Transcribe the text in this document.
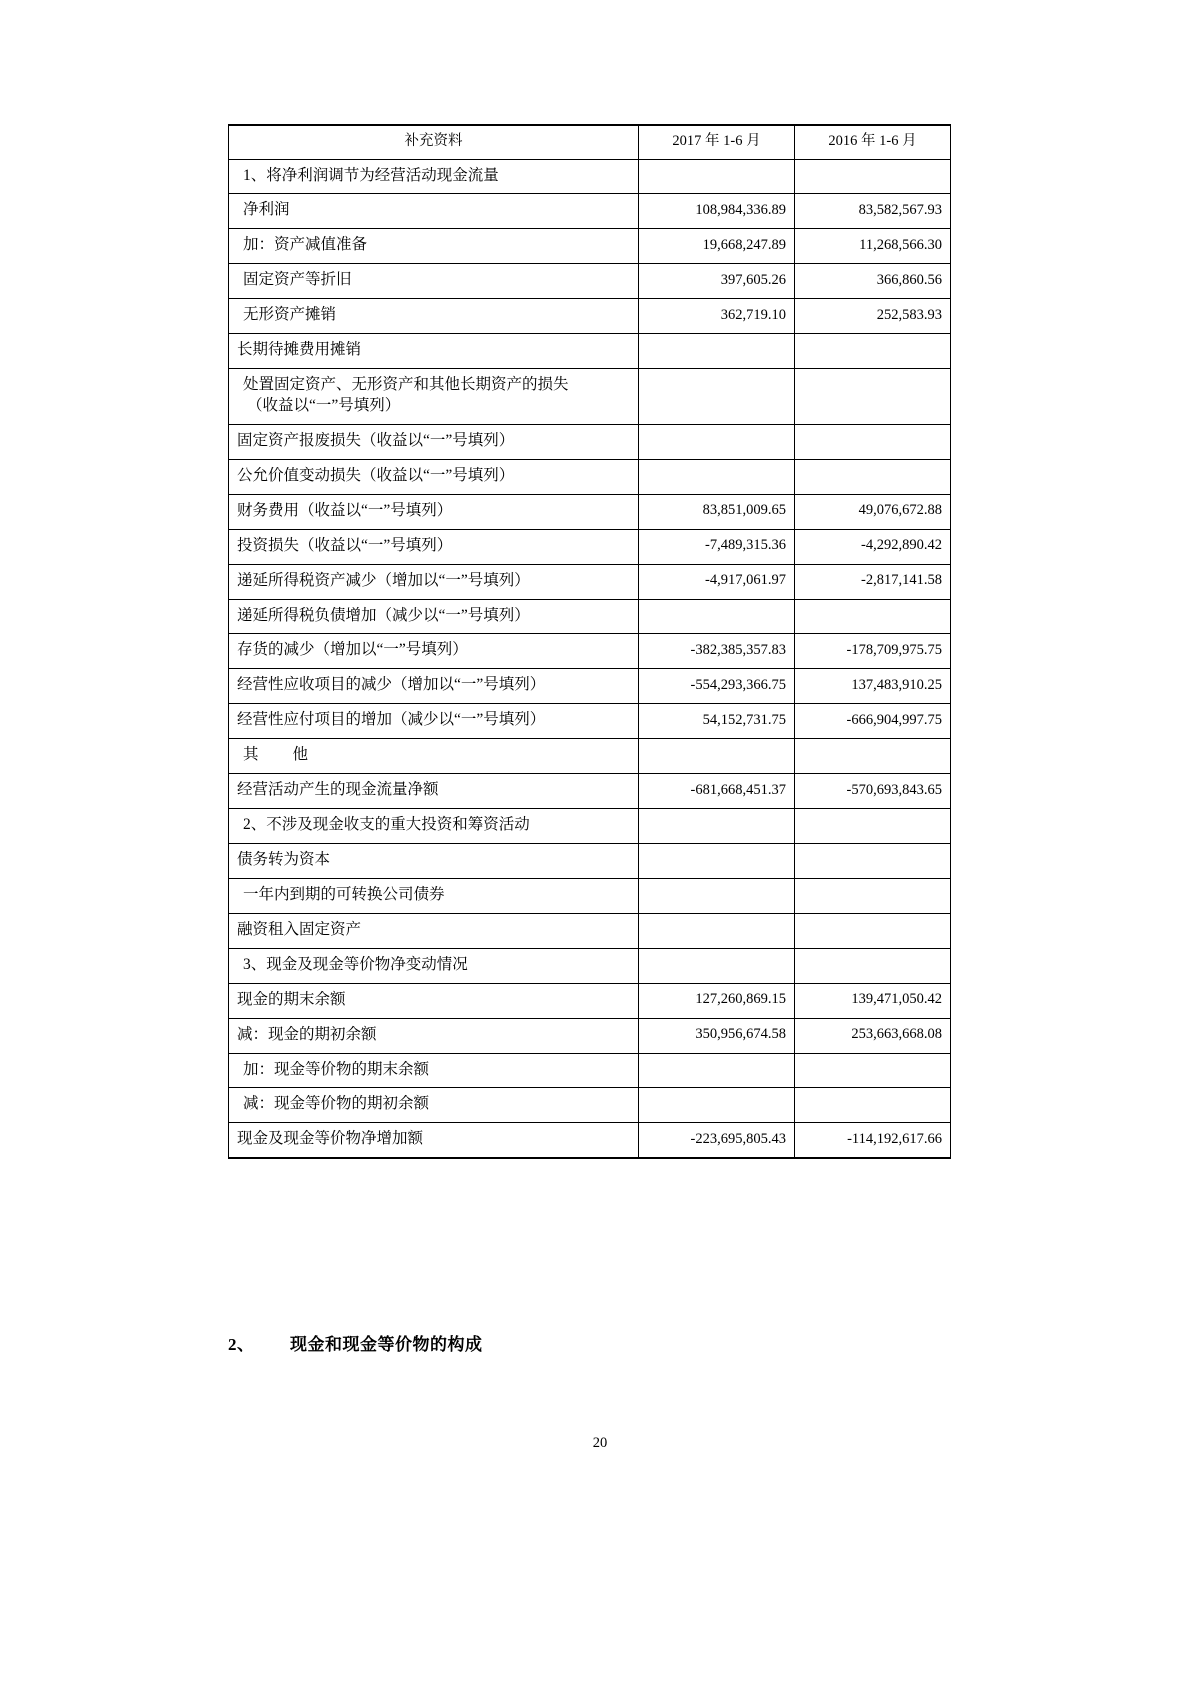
补充资料	2017 年 1-6 月	2016 年 1-6 月
1、将净利润调节为经营活动现金流量		
净利润	108,984,336.89	83,582,567.93
加：资产减值准备	19,668,247.89	11,268,566.30
固定资产等折旧	397,605.26	366,860.56
无形资产摊销	362,719.10	252,583.93
长期待摊费用摊销		
处置固定资产、无形资产和其他长期资产的损失
（收益以“一”号填列）		

固定资产报废损失（收益以“一”号填列）		
公允价值变动损失（收益以“一”号填列）		
财务费用（收益以“一”号填列）	83,851,009.65	49,076,672.88
投资损失（收益以“一”号填列）	-7,489,315.36	-4,292,890.42
递延所得税资产减少（增加以“一”号填列）	-4,917,061.97	-2,817,141.58
递延所得税负债增加（减少以“一”号填列）		
存货的减少（增加以“一”号填列）	-382,385,357.83	-178,709,975.75
经营性应收项目的减少（增加以“一”号填列）	-554,293,366.75	137,483,910.25
经营性应付项目的增加（减少以“一”号填列）	54,152,731.75	-666,904,997.75
其 他		
经营活动产生的现金流量净额	-681,668,451.37	-570,693,843.65
2、不涉及现金收支的重大投资和筹资活动		
债务转为资本		
一年内到期的可转换公司债券		
融资租入固定资产		
3、现金及现金等价物净变动情况		
现金的期末余额	127,260,869.15	139,471,050.42
减：现金的期初余额	350,956,674.58	253,663,668.08
加：现金等价物的期末余额		
减：现金等价物的期初余额		
现金及现金等价物净增加额	-223,695,805.43	-114,192,617.66
2、 现金和现金等价物的构成
20
